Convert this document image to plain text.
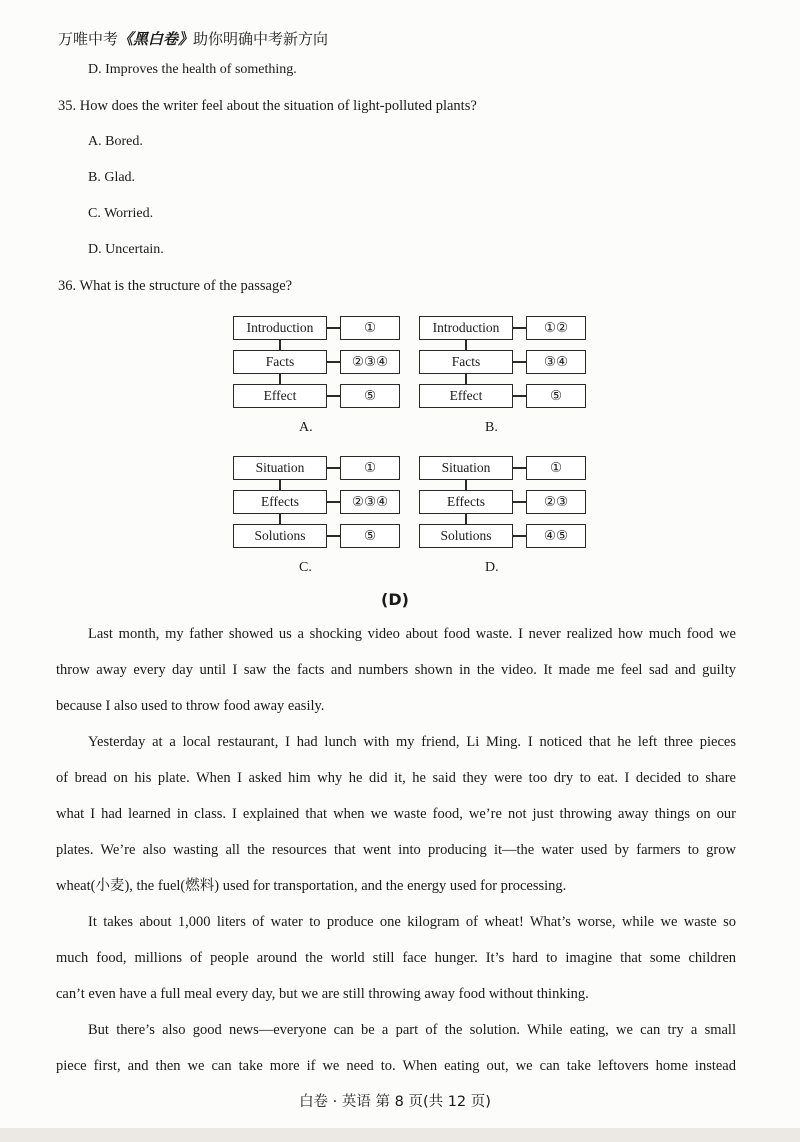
万唯中考《黑白卷》助你明确中考新方向
D. Improves the health of something.
35. How does the writer feel about the situation of light-polluted plants?
A. Bored.
B. Glad.
C. Worried.
D. Uncertain.
36. What is the structure of the passage?
Introduction	①
Facts	②③④
Effect	⑤
A.
Introduction	①②
Facts	③④
Effect	⑤
B.
Situation	①
Effects	②③④
Solutions	⑤
C.
Situation	①
Effects	②③
Solutions	④⑤
D.
(D)
Last month, my father showed us a shocking video about food waste. I never realized how much food we
throw away every day until I saw the facts and numbers shown in the video. It made me feel sad and guilty
because I also used to throw food away easily.
Yesterday at a local restaurant, I had lunch with my friend, Li Ming. I noticed that he left three pieces
of bread on his plate. When I asked him why he did it, he said they were too dry to eat. I decided to share
what I had learned in class. I explained that when we waste food, we’re not just throwing away things on our
plates. We’re also wasting all the resources that went into producing it—the water used by farmers to grow
wheat(小麦), the fuel(燃料) used for transportation, and the energy used for processing.
It takes about 1,000 liters of water to produce one kilogram of wheat! What’s worse, while we waste so
much food, millions of people around the world still face hunger. It’s hard to imagine that some children
can’t even have a full meal every day, but we are still throwing away food without thinking.
But there’s also good news—everyone can be a part of the solution. While eating, we can try a small
piece first, and then we can take more if we need to. When eating out, we can take leftovers home instead
白卷 · 英语 第 8 页(共 12 页)
